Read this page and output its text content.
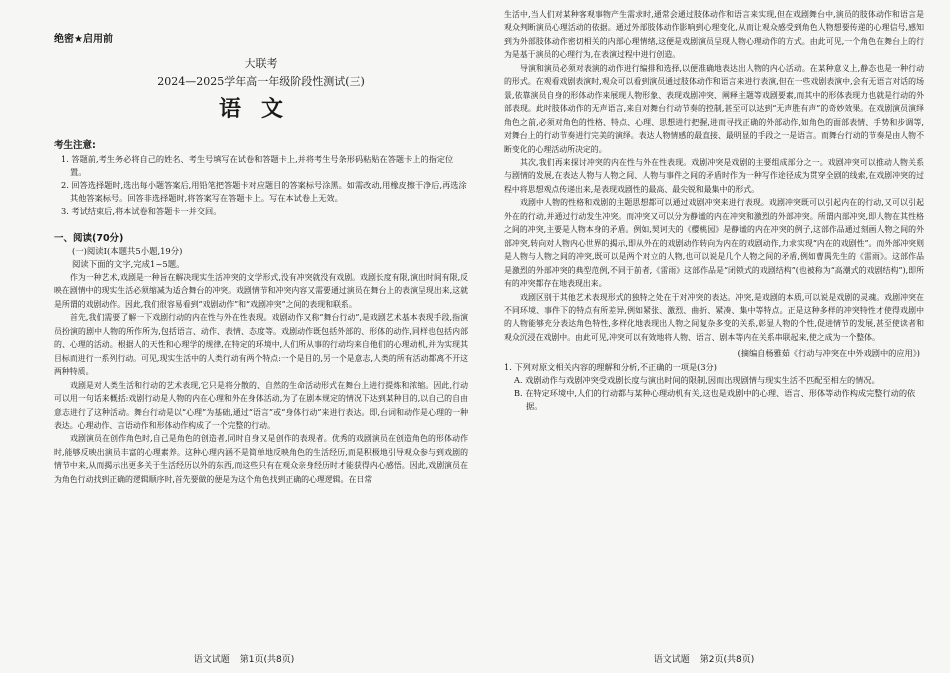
绝密★启用前

大联考

2024—2025学年高一年级阶段性测试(三)

语文

考生注意:

1. 答题前,考生务必将自己的姓名、考生号填写在试卷和答题卡上,并将考生号条形码粘贴在答题卡上的指定位置。

2. 回答选择题时,选出每小题答案后,用铅笔把答题卡对应题目的答案标号涂黑。如需改动,用橡皮擦干净后,再选涂其他答案标号。回答非选择题时,将答案写在答题卡上。写在本试卷上无效。

3. 考试结束后,将本试卷和答题卡一并交回。

一、阅读(70分)

(一)阅读Ⅰ(本题共5小题,19分)

阅读下面的文字,完成1~5题。

作为一种艺术,戏剧是一种旨在解决现实生活冲突的文学形式,没有冲突就没有戏剧。戏剧长度有限,演出时间有限,反映在剧情中的现实生活必须缩减为适合舞台的冲突。戏剧情节和冲突内容又需要通过演员在舞台上的表演呈现出来,这就是所谓的戏剧动作。因此,我们很容易看到“戏剧动作”和“戏剧冲突”之间的表现和联系。

首先,我们需要了解一下戏剧行动的内在性与外在性表现。戏剧动作又称“舞台行动”,是戏剧艺术基本表现手段,指演员扮演的剧中人物的所作所为,包括语言、动作、表情、态度等。戏剧动作既包括外部的、形体的动作,同样也包括内部的、心理的活动。根据人的天性和心理学的规律,在特定的环境中,人们所从事的行动均来自他们的心理动机,并为实现其目标而进行一系列行动。可见,现实生活中的人类行动有两个特点:一个是目的,另一个是意志,人类的所有活动都离不开这两种特质。

戏剧是对人类生活和行动的艺术表现,它只是将分散的、自然的生命活动形式在舞台上进行提炼和浓缩。因此,行动可以用一句话来概括:戏剧行动是人物的内在心理和外在身体活动,为了在剧本规定的情况下达到某种目的,以自己的自由意志进行了这种活动。舞台行动是以“心理”为基础,通过“语言”或“身体行动”来进行表达。即,台词和动作是心理的一种表达。心理动作、言语动作和形体动作构成了一个完整的行动。

戏剧演员在创作角色时,自己是角色的创造者,同时自身又是创作的表现者。优秀的戏剧演员在创造角色的形体动作时,能够反映出演员丰富的心理素养。这种心理内涵不是简单地反映角色的生活经历,而是积极地引导观众参与到戏剧的情节中来,从而揭示出更多关于生活经历以外的东西,而这些只有在观众亲身经历时才能获得内心感悟。因此,戏剧演员在为角色行动找到正确的逻辑顺序时,首先要做的便是为这个角色找到正确的心理逻辑。在日常

语文试题 第1页(共8页)

生活中,当人们对某种客观事物产生需求时,通常会通过肢体动作和语言来实现,但在戏剧舞台中,演员的肢体动作和语言是观众判断演员心理活动的依据。通过外部肢体动作影响到心理变化,从而让观众感受到角色人物想要传递的心理信号,感知到为外部肢体动作密切相关的内部心理情绪,这便是戏剧演员呈现人物心理动作的方式。由此可见,一个角色在舞台上的行为是基于演员的心理行为,在表演过程中进行创造。

导演和演员必须对表演的动作进行编排和选择,以便准确地表达出人物的内心活动。在某种意义上,静态也是一种行动的形式。在观看戏剧表演时,观众可以看到演员通过肢体动作和语言来进行表演,但在一些戏剧表演中,会有无语言对话的场景,依靠演员自身的形体动作来展现人物形象、表现戏剧冲突、阐释主题等戏剧要素,而其中的形体表现力也就是行动的外部表现。此时肢体动作的无声语言,来自对舞台行动节奏的控制,甚至可以达到“无声胜有声”的奇妙效果。在戏剧演员演绎角色之前,必须对角色的性格、特点、心理、思想进行把握,进而寻找正确的外部动作,如角色的面部表情、手势和步调等,对舞台上的行动节奏进行完美的演绎。表达人物情感的最直接、最明显的手段之一是语言。而舞台行动的节奏是由人物不断变化的心理活动所决定的。

其次,我们再来探讨冲突的内在性与外在性表现。戏剧冲突是戏剧的主要组成部分之一。戏剧冲突可以推动人物关系与剧情的发展,在表达人物与人物之间、人物与事件之间的矛盾时作为一种写作途径成为贯穿全剧的线索,在戏剧冲突的过程中将思想观点传递出来,是表现戏剧性的最高、最尖锐和最集中的形式。

戏剧中人物的性格和戏剧的主题思想都可以通过戏剧冲突来进行表现。戏剧冲突既可以引起内在的行动,又可以引起外在的行动,并通过行动发生冲突。而冲突又可以分为静谧的内在冲突和激烈的外部冲突。所谓内部冲突,即人物在其性格之间的冲突,主要是人物本身的矛盾。例如,契诃夫的《樱桃园》是静谧的内在冲突的例子,这部作品通过刻画人物之间的外部冲突,转向对人物内心世界的揭示,即从外在的戏剧动作转向为内在的戏剧动作,力求实现“内在的戏剧性”。而外部冲突则是人物与人物之间的冲突,既可以是两个对立的人物,也可以说是几个人物之间的矛盾,例如曹禺先生的《雷雨》。这部作品是激烈的外部冲突的典型范例,不同于前者,《雷雨》这部作品是“闭锁式的戏剧结构”(也被称为“高潮式的戏剧结构”),即所有的冲突都存在地表现出来。

戏剧区别于其他艺术表现形式的独特之处在于对冲突的表达。冲突,是戏剧的本质,可以说是戏剧的灵魂。戏剧冲突在不同环境、事件下的特点有所差异,例如紧张、激烈、曲折、紧凑、集中等特点。正是这种多样的冲突特性才使得戏剧中的人物能够充分表达角色特性,多样化地表现出人物之间复杂多变的关系,彰显人物的个性,促进情节的发展,甚至使读者和观众沉浸在戏剧中。由此可见,冲突可以有效地将人物、语言、剧本等内在关系串联起来,使之成为一个整体。

(摘编自杨雅茹《行动与冲突在中外戏剧中的应用》)

1. 下列对原文相关内容的理解和分析,不正确的一项是(3分)

A. 戏剧动作与戏剧冲突受戏剧长度与演出时间的限制,因而出现剧情与现实生活不匹配至相左的情况。

B. 在特定环境中,人们的行动都与某种心理动机有关,这也是戏剧中的心理、语言、形体等动作构成完整行动的依据。

语文试题 第2页(共8页)
